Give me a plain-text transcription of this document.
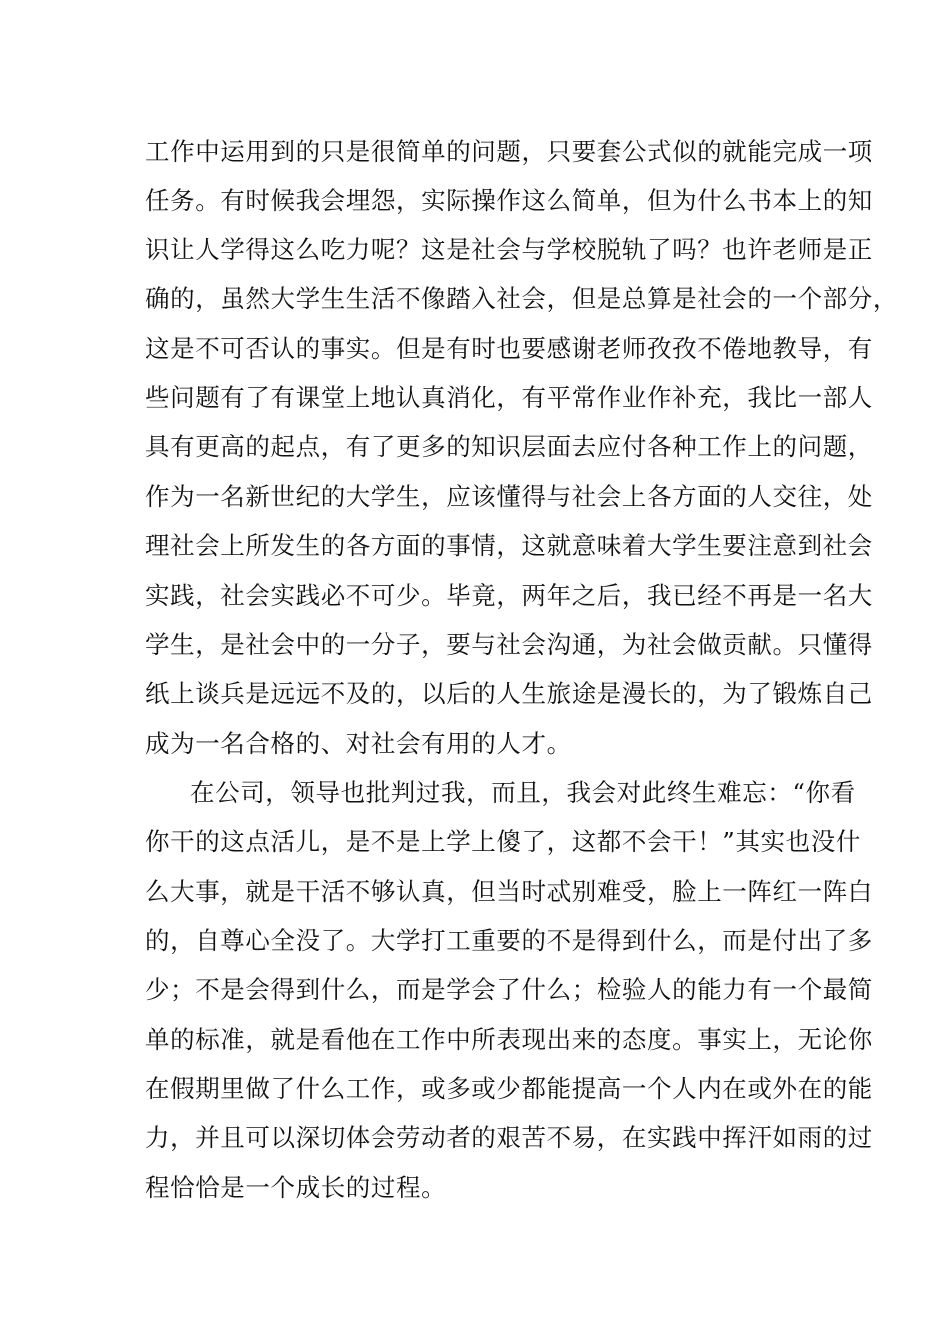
工作中运用到的只是很简单的问题，只要套公式似的就能完成一项
任务。有时候我会埋怨，实际操作这么简单，但为什么书本上的知
识让人学得这么吃力呢？这是社会与学校脱轨了吗？也许老师是正
确的，虽然大学生生活不像踏入社会，但是总算是社会的一个部分，
这是不可否认的事实。但是有时也要感谢老师孜孜不倦地教导，有
些问题有了有课堂上地认真消化，有平常作业作补充，我比一部人
具有更高的起点，有了更多的知识层面去应付各种工作上的问题，
作为一名新世纪的大学生，应该懂得与社会上各方面的人交往，处
理社会上所发生的各方面的事情，这就意味着大学生要注意到社会
实践，社会实践必不可少。毕竟，两年之后，我已经不再是一名大
学生，是社会中的一分子，要与社会沟通，为社会做贡献。只懂得
纸上谈兵是远远不及的，以后的人生旅途是漫长的，为了锻炼自己
成为一名合格的、对社会有用的人才。
在公司，领导也批判过我，而且，我会对此终生难忘：“你看
你干的这点活儿，是不是上学上傻了，这都不会干！”其实也没什
么大事，就是干活不够认真，但当时忒别难受，脸上一阵红一阵白
的，自尊心全没了。大学打工重要的不是得到什么，而是付出了多
少；不是会得到什么，而是学会了什么；检验人的能力有一个最简
单的标准，就是看他在工作中所表现出来的态度。事实上，无论你
在假期里做了什么工作，或多或少都能提高一个人内在或外在的能
力，并且可以深切体会劳动者的艰苦不易，在实践中挥汗如雨的过
程恰恰是一个成长的过程。
